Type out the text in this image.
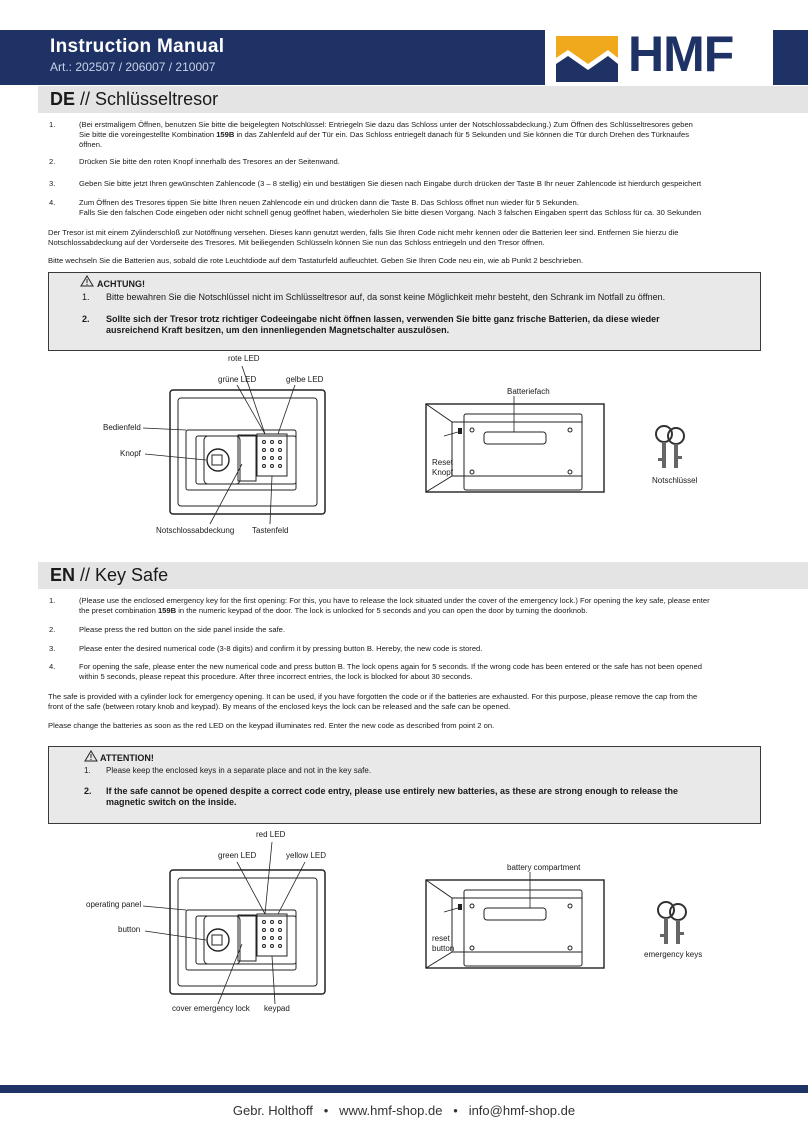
Instruction Manual
Art.: 202507 / 206007 / 210007	HMF
DE // Schlüsseltresor
1.	(Bei erstmaligem Öffnen, benutzen Sie bitte die beigelegten Notschlüssel: Entriegeln Sie dazu das Schloss unter der Notschlossabdeckung.) Zum Öffnen des Schlüsseltresores geben
Sie bitte die voreingestellte Kombination 159B in das Zahlenfeld auf der Tür ein. Das Schloss entriegelt danach für 5 Sekunden und Sie können die Tür durch Drehen des Türknaufes
öffnen.
2.	Drücken Sie bitte den roten Knopf innerhalb des Tresores an der Seitenwand.
3.	Geben Sie bitte jetzt Ihren gewünschten Zahlencode (3 – 8 stellig) ein und bestätigen Sie diesen nach Eingabe durch drücken der Taste B Ihr neuer Zahlencode ist hierdurch gespeichert
4.	Zum Öffnen des Tresores tippen Sie bitte Ihren neuen Zahlencode ein und drücken dann die Taste B. Das Schloss öffnet nun wieder für 5 Sekunden.
Falls Sie den falschen Code eingeben oder nicht schnell genug geöffnet haben, wiederholen Sie bitte diesen Vorgang. Nach 3 falschen Eingaben sperrt das Schloss für ca. 30 Sekunden
Der Tresor ist mit einem Zylinderschloß zur Notöffnung versehen. Dieses kann genutzt werden, falls Sie Ihren Code nicht mehr kennen oder die Batterien leer sind. Entfernen Sie hierzu die
Notschlossabdeckung auf der Vorderseite des Tresores. Mit beiliegenden Schlüsseln können Sie nun das Schloss entriegeln und den Tresor öffnen.
Bitte wechseln Sie die Batterien aus, sobald die rote Leuchtdiode auf dem Tastaturfeld aufleuchtet. Geben Sie Ihren Code neu ein, wie ab Punkt 2 beschrieben.
ACHTUNG!
1. Bitte bewahren Sie die Notschlüssel nicht im Schlüsseltresor auf, da sonst keine Möglichkeit mehr besteht, den Schrank im Notfall zu öffnen.
2. Sollte sich der Tresor trotz richtiger Codeeingabe nicht öffnen lassen, verwenden Sie bitte ganz frische Batterien, da diese wieder
ausreichend Kraft besitzen, um den innenliegenden Magnetschalter auszulösen.
rote LED
grüne LED	gelbe LED
Bedienfeld
Knopf
Notschlossabdeckung Tastenfeld
Batteriefach
Reset
Knopf
Notschlüssel
EN // Key Safe
1.	(Please use the enclosed emergency key for the first opening: For this, you have to release the lock situated under the cover of the emergency lock.) For opening the key safe, please enter
the preset combination 159B in the numeric keypad of the door. The lock is unlocked for 5 seconds and you can open the door by turning the doorknob.
2.	Please press the red button on the side panel inside the safe.
3.	Please enter the desired numerical code (3-8 digits) and confirm it by pressing button B. Hereby, the new code is stored.
4.	For opening the safe, please enter the new numerical code and press button B. The lock opens again for 5 seconds. If the wrong code has been entered or the safe has not been opened
within 5 seconds, please repeat this procedure. After three incorrect entries, the lock is blocked for about 30 seconds.
The safe is provided with a cylinder lock for emergency opening. It can be used, if you have forgotten the code or if the batteries are exhausted. For this purpose, please remove the cap from the
front of the safe (between rotary knob and keypad). By means of the enclosed keys the lock can be released and the safe can be opened.
Please change the batteries as soon as the red LED on the keypad illuminates red. Enter the new code as described from point 2 on.
ATTENTION!
1. Please keep the enclosed keys in a separate place and not in the key safe.
2. If the safe cannot be opened despite a correct code entry, please use entirely new batteries, as these are strong enough to release the
magnetic switch on the inside.
red LED
green LED	yellow LED
operating panel
button
cover emergency lock keypad
battery compartment
reset
button
emergency keys
Gebr. Holthoff • www.hmf-shop.de • info@hmf-shop.de
